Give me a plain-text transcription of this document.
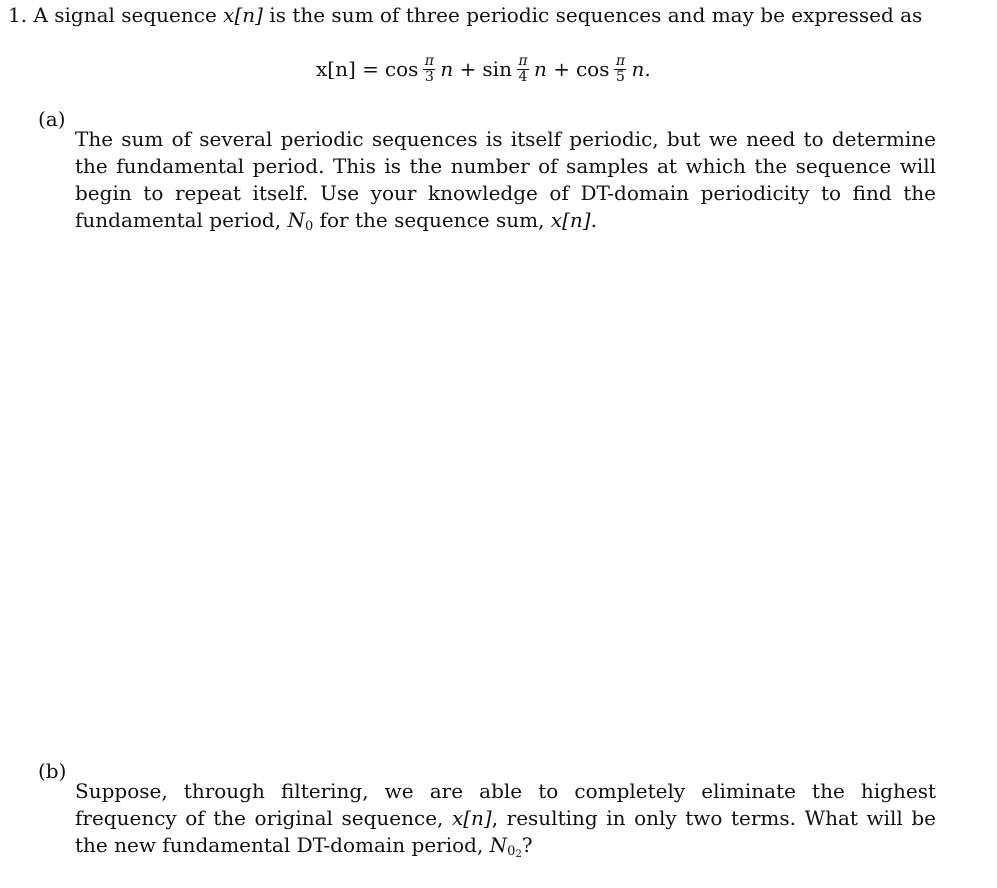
1. A signal sequence x[n] is the sum of three periodic sequences and may be expressed as

x[n] = cos π
3 n + sin π
4 n + cos π
5 n.
(a)

The sum of several periodic sequences is itself periodic, but we need to determine the fundamental period. This is the number of samples at which the sequence will begin to repeat itself. Use your knowledge of DT-domain periodicity to find the fundamental period, $N_0$ for the sequence sum, x[n].

(b)

Suppose, through filtering, we are able to completely eliminate the highest frequency of the original sequence, x[n], resulting in only two terms. What will be the new fundamental DT-domain period, $N_{02}$?
